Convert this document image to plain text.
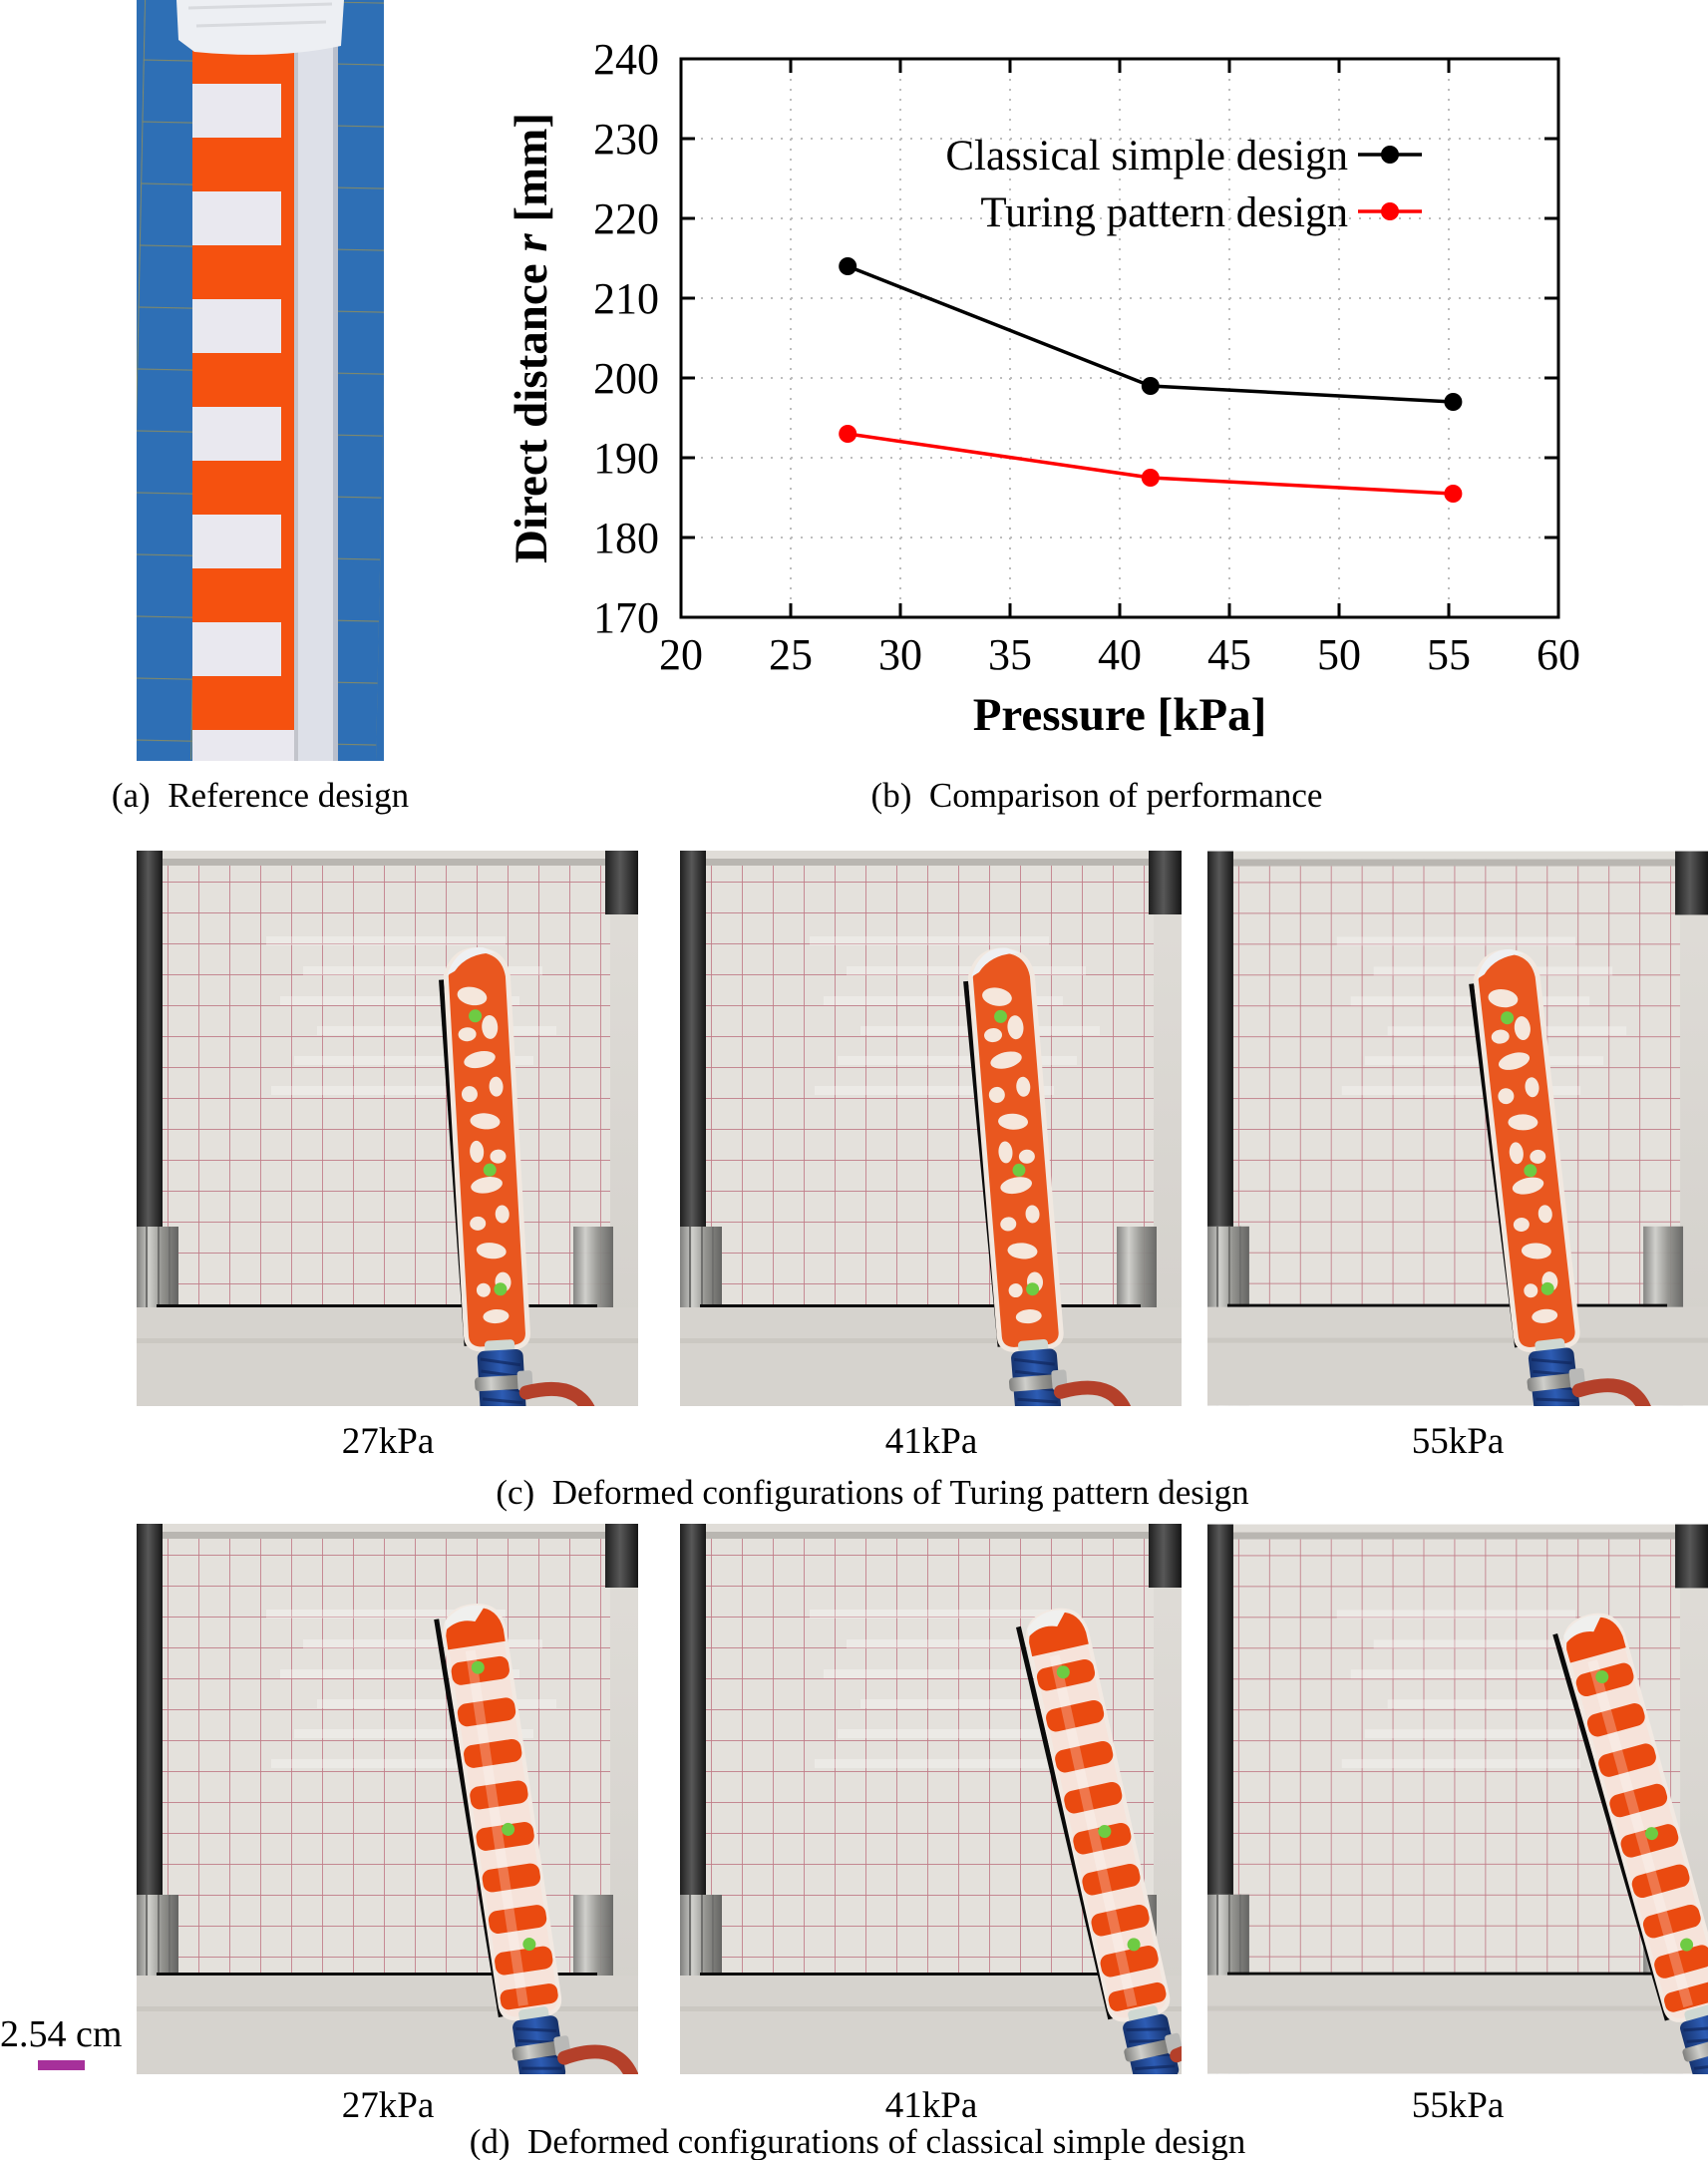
20 25 30 35 40 45 50 55 60
170
180
190
200
210
220
230
240
Classical simple design
Turing pattern design
Pressure [kPa]
Direct distance r [mm]
(a)  Reference design	(b)  Comparison of performance
27kPa	41kPa	55kPa
(c)  Deformed configurations of Turing pattern design
2.54 cm
27kPa	41kPa	55kPa
(d)  Deformed configurations of classical simple design
